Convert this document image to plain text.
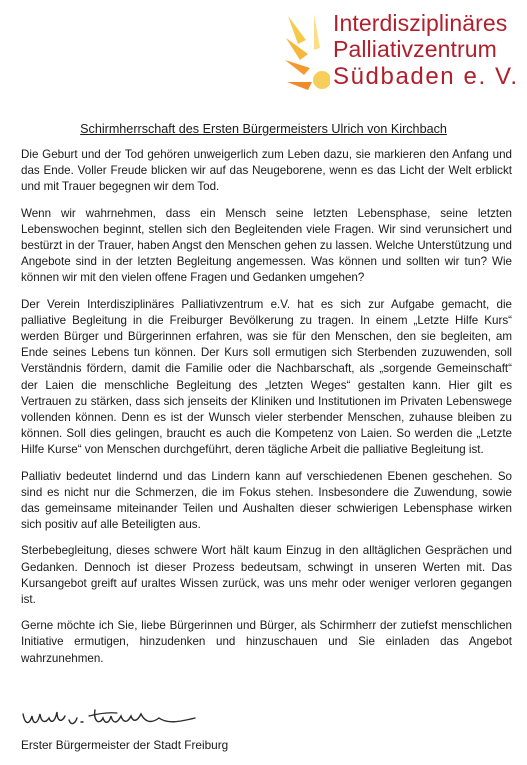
Interdisziplinäres
Palliativzentrum
Südbaden e. V.
Schirmherrschaft des Ersten Bürgermeisters Ulrich von Kirchbach

Die Geburt und der Tod gehören unweigerlich zum Leben dazu, sie markieren den Anfang und das Ende. Voller Freude blicken wir auf das Neugeborene, wenn es das Licht der Welt erblickt und mit Trauer begegnen wir dem Tod.

Wenn wir wahrnehmen, dass ein Mensch seine letzten Lebensphase, seine letzten Lebenswochen beginnt, stellen sich den Begleitenden viele Fragen. Wir sind verunsichert und bestürzt in der Trauer, haben Angst den Menschen gehen zu lassen. Welche Unterstützung und Angebote sind in der letzten Begleitung angemessen. Was können und sollten wir tun? Wie können wir mit den vielen offene Fragen und Gedanken umgehen?

Der Verein Interdisziplinäres Palliativzentrum e.V. hat es sich zur Aufgabe gemacht, die palliative Begleitung in die Freiburger Bevölkerung zu tragen. In einem „Letzte Hilfe Kurs“ werden Bürger und Bürgerinnen erfahren, was sie für den Menschen, den sie begleiten, am Ende seines Lebens tun können. Der Kurs soll ermutigen sich Sterbenden zuzuwenden, soll Verständnis fördern, damit die Familie oder die Nachbarschaft, als „sorgende Gemeinschaft“ der Laien die menschliche Begleitung des „letzten Weges“ gestalten kann. Hier gilt es Vertrauen zu stärken, dass sich jenseits der Kliniken und Institutionen im Privaten Lebenswege vollenden können. Denn es ist der Wunsch vieler sterbender Menschen, zuhause bleiben zu können. Soll dies gelingen, braucht es auch die Kompetenz von Laien. So werden die „Letzte Hilfe Kurse“ von Menschen durchgeführt, deren tägliche Arbeit die palliative Begleitung ist.

Palliativ bedeutet lindernd und das Lindern kann auf verschiedenen Ebenen geschehen. So sind es nicht nur die Schmerzen, die im Fokus stehen. Insbesondere die Zuwendung, sowie das gemeinsame miteinander Teilen und Aushalten dieser schwierigen Lebensphase wirken sich positiv auf alle Beteiligten aus.

Sterbebegleitung, dieses schwere Wort hält kaum Einzug in den alltäglichen Gesprächen und Gedanken. Dennoch ist dieser Prozess bedeutsam, schwingt in unseren Werten mit. Das Kursangebot greift auf uraltes Wissen zurück, was uns mehr oder weniger verloren gegangen ist.

Gerne möchte ich Sie, liebe Bürgerinnen und Bürger, als Schirmherr der zutiefst menschlichen Initiative ermutigen, hinzudenken und hinzuschauen und Sie einladen das Angebot wahrzunehmen.

Erster Bürgermeister der Stadt Freiburg
